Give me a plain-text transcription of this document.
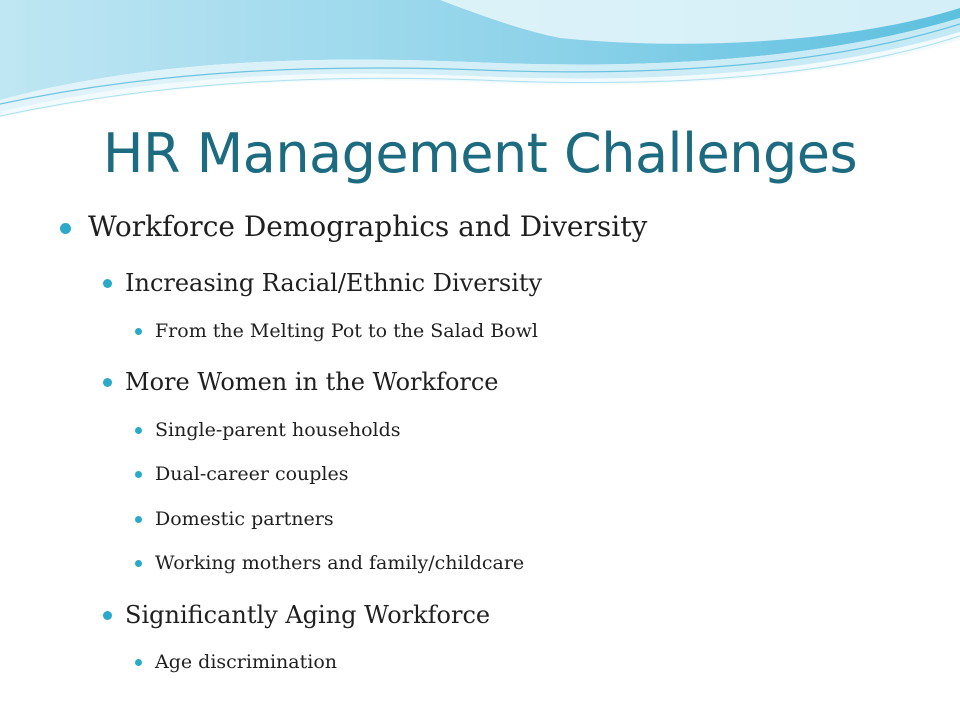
HR Management Challenges
Workforce Demographics and Diversity
Increasing Racial/Ethnic Diversity
From the Melting Pot to the Salad Bowl
More Women in the Workforce
Single-parent households
Dual-career couples
Domestic partners
Working mothers and family/childcare
Significantly Aging Workforce
Age discrimination
